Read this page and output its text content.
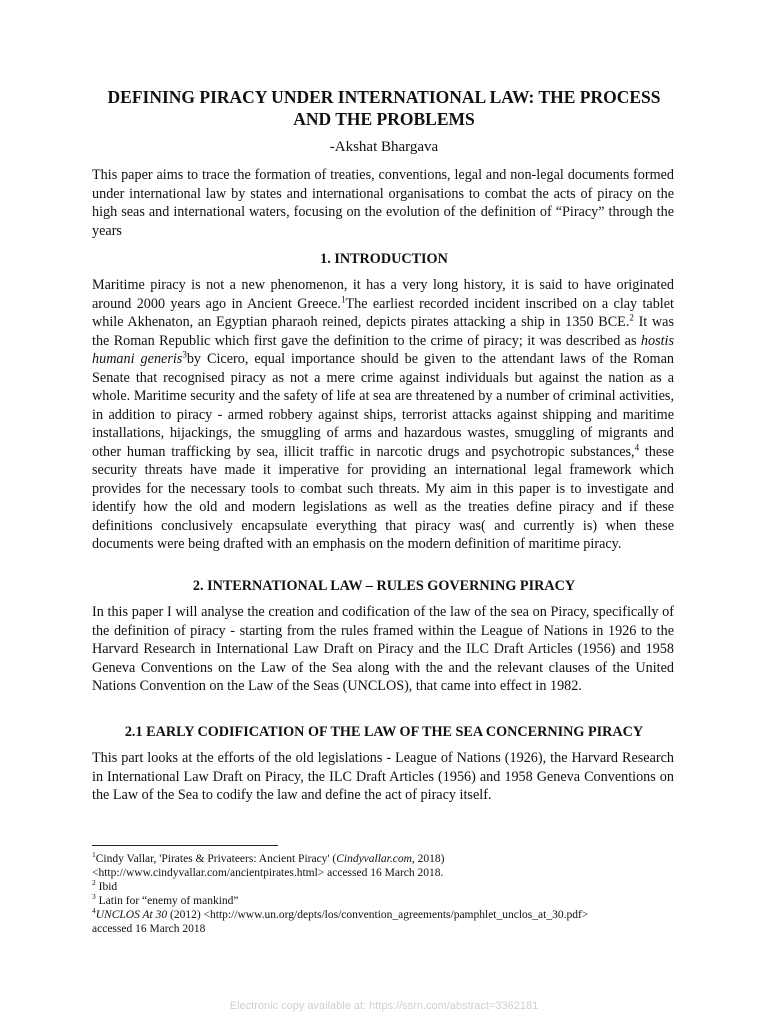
DEFINING PIRACY UNDER INTERNATIONAL LAW: THE PROCESS
AND THE PROBLEMS
-Akshat Bhargava

This paper aims to trace the formation of treaties, conventions, legal and non-legal documents formed under international law by states and international organisations to combat the acts of piracy on the high seas and international waters, focusing on the evolution of the definition of “Piracy” through the years

1. INTRODUCTION

Maritime piracy is not a new phenomenon, it has a very long history, it is said to have originated around 2000 years ago in Ancient Greece.$^1$The earliest recorded incident inscribed on a clay tablet while Akhenaton, an Egyptian pharaoh reined, depicts pirates attacking a ship in 1350 BCE.$^2$ It was the Roman Republic which first gave the definition to the crime of piracy; it was described as hostis humani generis$^3$by Cicero, equal importance should be given to the attendant laws of the Roman Senate that recognised piracy as not a mere crime against individuals but against the nation as a whole. Maritime security and the safety of life at sea are threatened by a number of criminal activities, in addition to piracy - armed robbery against ships, terrorist attacks against shipping and maritime installations, hijackings, the smuggling of arms and hazardous wastes, smuggling of migrants and other human trafficking by sea, illicit traffic in narcotic drugs and psychotropic substances,$^4$ these security threats have made it imperative for providing an international legal framework which provides for the necessary tools to combat such threats. My aim in this paper is to investigate and identify how the old and modern legislations as well as the treaties define piracy and if these definitions conclusively encapsulate everything that piracy was( and currently is) when these documents were being drafted with an emphasis on the modern definition of maritime piracy.

2. INTERNATIONAL LAW – RULES GOVERNING PIRACY

In this paper I will analyse the creation and codification of the law of the sea on Piracy, specifically of the definition of piracy - starting from the rules framed within the League of Nations in 1926 to the Harvard Research in International Law Draft on Piracy and the ILC Draft Articles (1956) and 1958 Geneva Conventions on the Law of the Sea along with the and the relevant clauses of the United Nations Convention on the Law of the Seas (UNCLOS), that came into effect in 1982.

2.1 EARLY CODIFICATION OF THE LAW OF THE SEA CONCERNING PIRACY

This part looks at the efforts of the old legislations - League of Nations (1926), the Harvard Research in International Law Draft on Piracy, the ILC Draft Articles (1956) and 1958 Geneva Conventions on the Law of the Sea to codify the law and define the act of piracy itself.

$^1$Cindy Vallar, 'Pirates & Privateers: Ancient Piracy' (Cindyvallar.com, 2018)

<http://www.cindyvallar.com/ancientpirates.html> accessed 16 March 2018.

$^2$ Ibid

$^3$ Latin for “enemy of mankind”

$^4$UNCLOS At 30 (2012) <http://www.un.org/depts/los/convention_agreements/pamphlet_unclos_at_30.pdf>

accessed 16 March 2018

Electronic copy available at: https://ssrn.com/abstract=3362181
